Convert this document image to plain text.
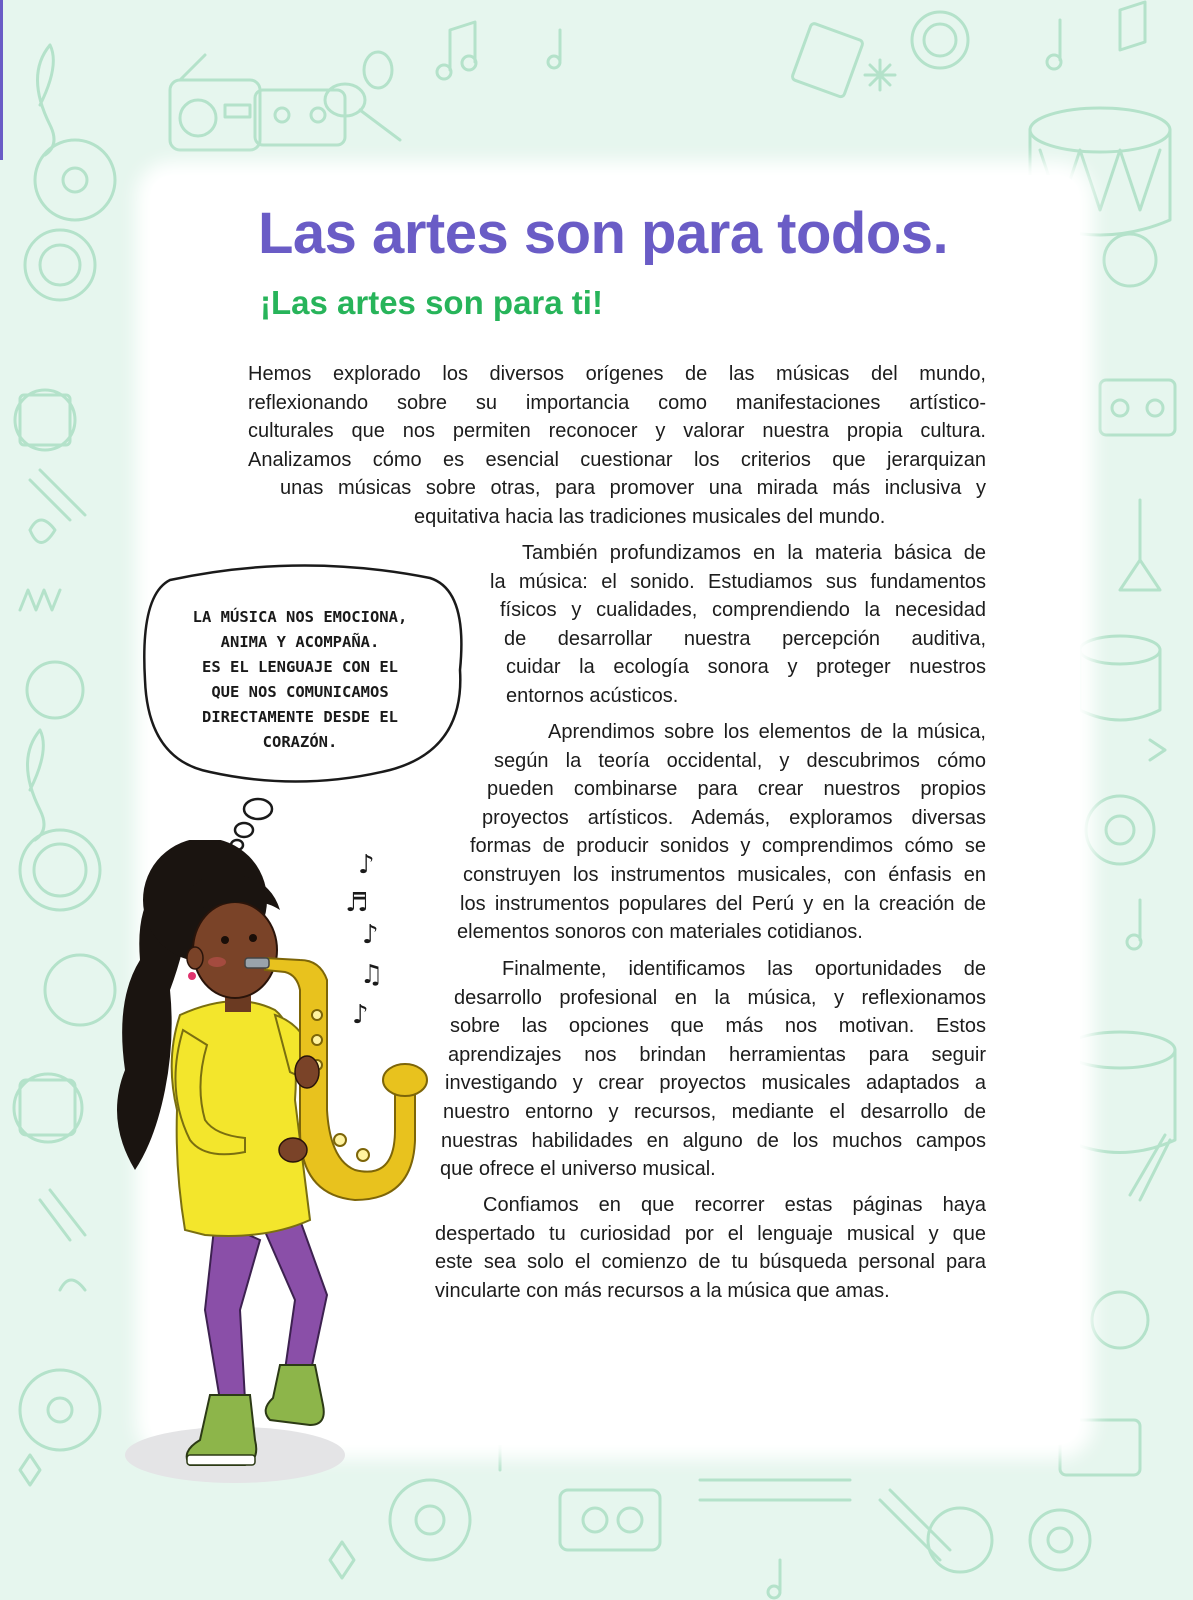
Las artes son para todos.
¡Las artes son para ti!
Hemos explorado los diversos orígenes de las músicas del mundo,
reflexionando sobre su importancia como manifestaciones artístico-
culturales que nos permiten reconocer y valorar nuestra propia cultura.
Analizamos cómo es esencial cuestionar los criterios que jerarquizan
unas músicas sobre otras, para promover una mirada más inclusiva y
equitativa hacia las tradiciones musicales del mundo.
También profundizamos en la materia básica de
la música: el sonido. Estudiamos sus fundamentos
físicos y cualidades, comprendiendo la necesidad
de desarrollar nuestra percepción auditiva,
cuidar la ecología sonora y proteger nuestros
entornos acústicos.
Aprendimos sobre los elementos de la música,
según la teoría occidental, y descubrimos cómo
pueden combinarse para crear nuestros propios
proyectos artísticos. Además, exploramos diversas
formas de producir sonidos y comprendimos cómo se
construyen los instrumentos musicales, con énfasis en
los instrumentos populares del Perú y en la creación de
elementos sonoros con materiales cotidianos.
Finalmente, identificamos las oportunidades de
desarrollo profesional en la música, y reflexionamos
sobre las opciones que más nos motivan. Estos
aprendizajes nos brindan herramientas para seguir
investigando y crear proyectos musicales adaptados a
nuestro entorno y recursos, mediante el desarrollo de
nuestras habilidades en alguno de los muchos campos
que ofrece el universo musical.
Confiamos en que recorrer estas páginas haya
despertado tu curiosidad por el lenguaje musical y que
este sea solo el comienzo de tu búsqueda personal para
vincularte con más recursos a la música que amas.

LA MÚSICA NOS EMOCIONA,
ANIMA Y ACOMPAÑA.
ES EL LENGUAJE CON EL
QUE NOS COMUNICAMOS
DIRECTAMENTE DESDE EL
CORAZÓN.

♪
♬
♪
♫
♪
